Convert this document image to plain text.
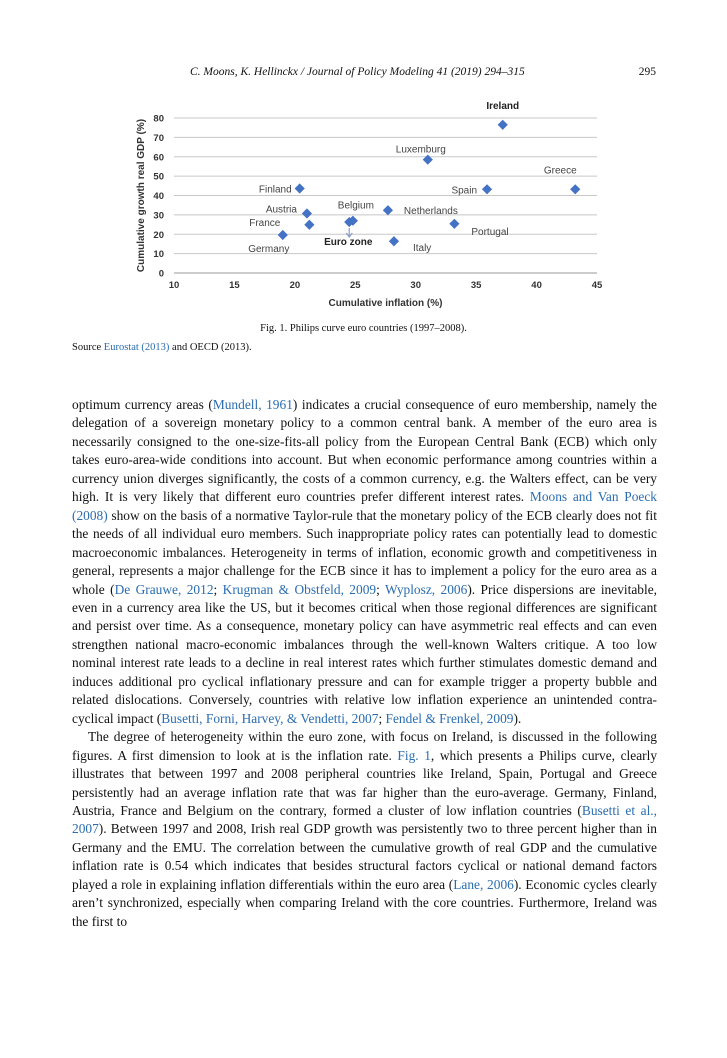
C. Moons, K. Hellinckx / Journal of Policy Modeling 41 (2019) 294–315	295
0
10
20
30
40
50
60
70
80
10	15	20	25	30	35	40	45
Ireland
Luxemburg
Greece
Spain
Finland
Austria	Belgium
Netherlands
France
Portugal
Germany	Italy
Euro zone
Cumulative inflation (%)
Cumulative growth real GDP (%)
Fig. 1. Philips curve euro countries (1997–2008).
Source Eurostat (2013) and OECD (2013).

optimum currency areas (Mundell, 1961) indicates a crucial consequence of euro membership, namely the delegation of a sovereign monetary policy to a common central bank. A member of the euro area is necessarily consigned to the one-size-fits-all policy from the European Central Bank (ECB) which only takes euro-area-wide conditions into account. But when economic performance among countries within a currency union diverges significantly, the costs of a common currency, e.g. the Walters effect, can be very high. It is very likely that different euro countries prefer different interest rates. Moons and Van Poeck (2008) show on the basis of a normative Taylor-rule that the monetary policy of the ECB clearly does not fit the needs of all individual euro members. Such inappropriate policy rates can potentially lead to domestic macroeconomic imbalances. Heterogeneity in terms of inflation, economic growth and competitiveness in general, represents a major challenge for the ECB since it has to implement a policy for the euro area as a whole (De Grauwe, 2012; Krugman & Obstfeld, 2009; Wyplosz, 2006). Price dispersions are inevitable, even in a currency area like the US, but it becomes critical when those regional differences are significant and persist over time. As a consequence, monetary policy can have asymmetric real effects and can even strengthen national macro-economic imbalances through the well-known Walters critique. A too low nominal interest rate leads to a decline in real interest rates which further stimulates domestic demand and induces additional pro cyclical inflationary pressure and can for example trigger a property bubble and related dislocations. Conversely, countries with relative low inflation experience an unintended contra-cyclical impact (Busetti, Forni, Harvey, & Vendetti, 2007; Fendel & Frenkel, 2009).

The degree of heterogeneity within the euro zone, with focus on Ireland, is discussed in the following figures. A first dimension to look at is the inflation rate. Fig. 1, which presents a Philips curve, clearly illustrates that between 1997 and 2008 peripheral countries like Ireland, Spain, Portugal and Greece persistently had an average inflation rate that was far higher than the euro-average. Germany, Finland, Austria, France and Belgium on the contrary, formed a cluster of low inflation countries (Busetti et al., 2007). Between 1997 and 2008, Irish real GDP growth was persistently two to three percent higher than in Germany and the EMU. The correlation between the cumulative growth of real GDP and the cumulative inflation rate is 0.54 which indicates that besides structural factors cyclical or national demand factors played a role in explaining inflation differentials within the euro area (Lane, 2006). Economic cycles clearly aren’t synchronized, especially when comparing Ireland with the core countries. Furthermore, Ireland was the first to
